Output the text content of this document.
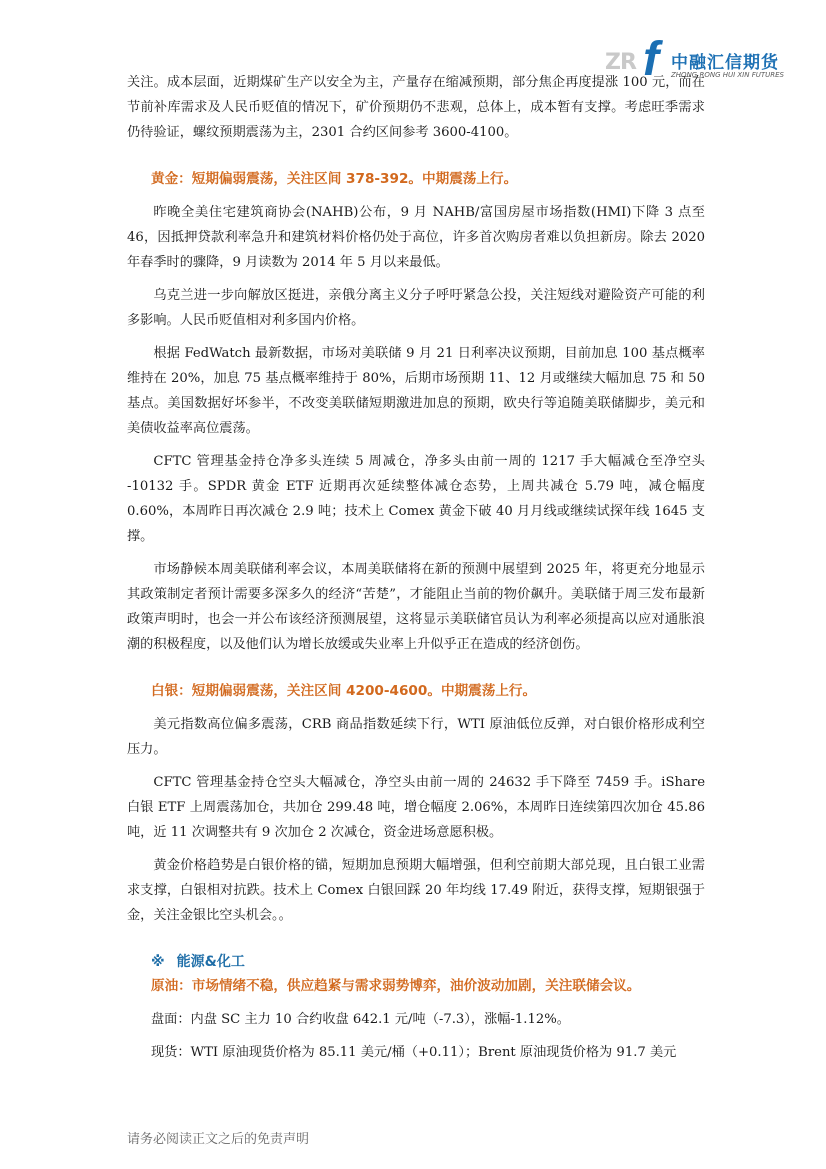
ZR f 中融汇信期货
ZHONG RONG HUI XIN FUTURES

关注。成本层面，近期煤矿生产以安全为主，产量存在缩减预期，部分焦企再度提涨 100 元，而在节前补库需求及人民币贬值的情况下，矿价预期仍不悲观，总体上，成本暂有支撑。考虑旺季需求仍待验证，螺纹预期震荡为主，2301 合约区间参考 3600-4100。

黄金：短期偏弱震荡，关注区间 378-392。中期震荡上行。

昨晚全美住宅建筑商协会(NAHB)公布，9 月 NAHB/富国房屋市场指数(HMI)下降 3 点至 46，因抵押贷款利率急升和建筑材料价格仍处于高位，许多首次购房者难以负担新房。除去 2020 年春季时的骤降，9 月读数为 2014 年 5 月以来最低。

乌克兰进一步向解放区挺进，亲俄分离主义分子呼吁紧急公投，关注短线对避险资产可能的利多影响。人民币贬值相对利多国内价格。

根据 FedWatch 最新数据，市场对美联储 9 月 21 日利率决议预期，目前加息 100 基点概率维持在 20%，加息 75 基点概率维持于 80%，后期市场预期 11、12 月或继续大幅加息 75 和 50 基点。美国数据好坏参半，不改变美联储短期激进加息的预期，欧央行等追随美联储脚步，美元和美债收益率高位震荡。

CFTC 管理基金持仓净多头连续 5 周减仓，净多头由前一周的 1217 手大幅减仓至净空头 -10132 手。SPDR 黄金 ETF 近期再次延续整体减仓态势，上周共减仓 5.79 吨，减仓幅度 0.60%，本周昨日再次减仓 2.9 吨；技术上 Comex 黄金下破 40 月月线或继续试探年线 1645 支撑。

市场静候本周美联储利率会议，本周美联储将在新的预测中展望到 2025 年，将更充分地显示其政策制定者预计需要多深多久的经济“苦楚”，才能阻止当前的物价飙升。美联储于周三发布最新政策声明时，也会一并公布该经济预测展望，这将显示美联储官员认为利率必须提高以应对通胀浪潮的积极程度，以及他们认为增长放缓或失业率上升似乎正在造成的经济创伤。

白银：短期偏弱震荡，关注区间 4200-4600。中期震荡上行。

美元指数高位偏多震荡，CRB 商品指数延续下行，WTI 原油低位反弹，对白银价格形成利空压力。

CFTC 管理基金持仓空头大幅减仓，净空头由前一周的 24632 手下降至 7459 手。iShare 白银 ETF 上周震荡加仓，共加仓 299.48 吨，增仓幅度 2.06%，本周昨日连续第四次加仓 45.86 吨，近 11 次调整共有 9 次加仓 2 次减仓，资金进场意愿积极。

黄金价格趋势是白银价格的锚，短期加息预期大幅增强，但利空前期大部兑现，且白银工业需求支撑，白银相对抗跌。技术上 Comex 白银回踩 20 年均线 17.49 附近，获得支撑，短期银强于金，关注金银比空头机会。。

※ 能源&化工
原油：市场情绪不稳，供应趋紧与需求弱势博弈，油价波动加剧，关注联储会议。

盘面：内盘 SC 主力 10 合约收盘 642.1 元/吨（-7.3），涨幅-1.12%。

现货：WTI 原油现货价格为 85.11 美元/桶（+0.11）；Brent 原油现货价格为 91.7 美元

请务必阅读正文之后的免责声明
